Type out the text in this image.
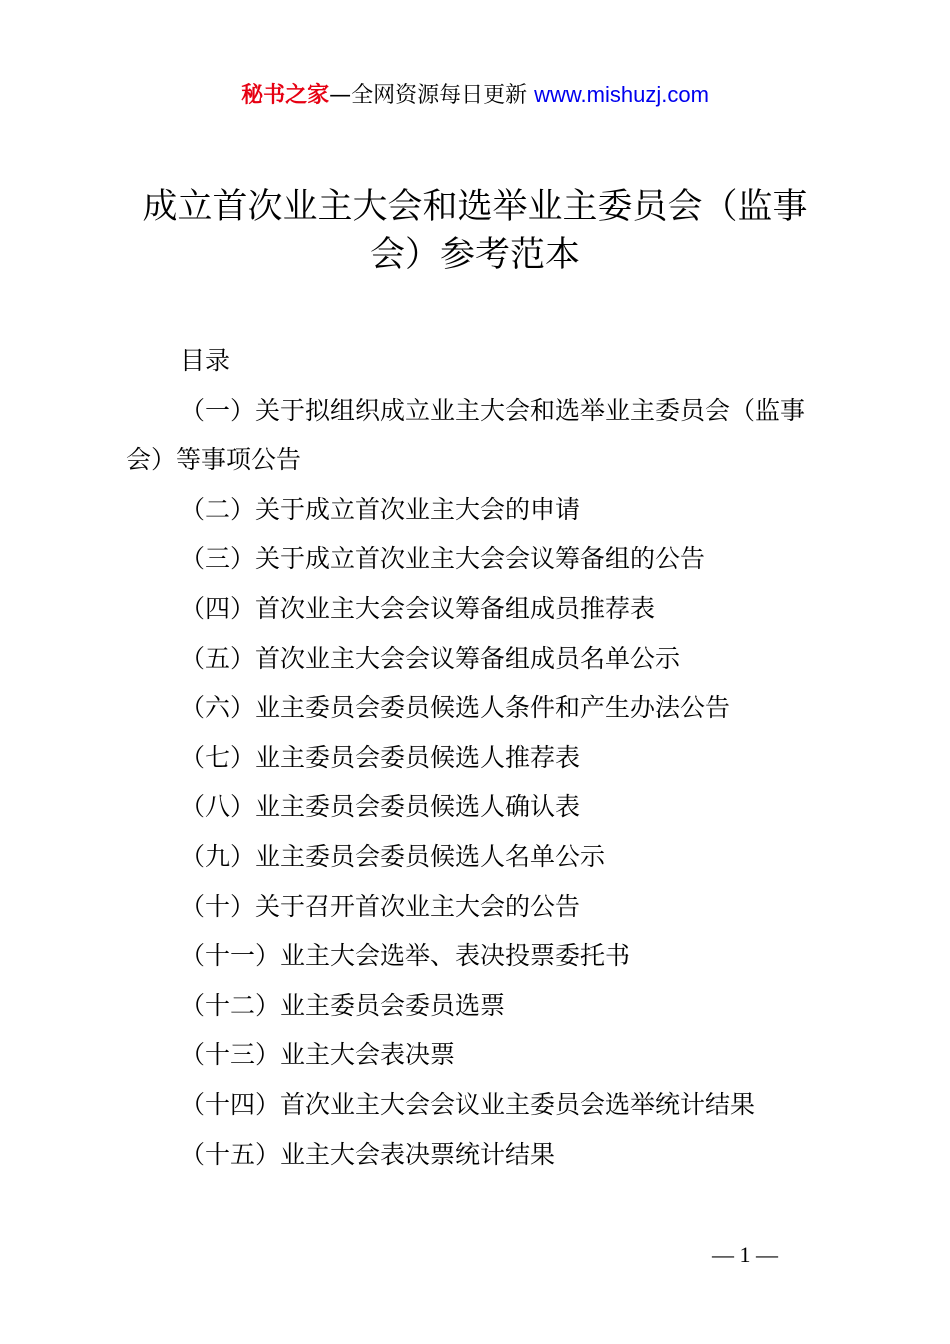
秘书之家—全网资源每日更新 www.mishuzj.com
成立首次业主大会和选举业主委员会（监事
会）参考范本
目录
（一）关于拟组织成立业主大会和选举业主委员会（监事
会）等事项公告
（二）关于成立首次业主大会的申请
（三）关于成立首次业主大会会议筹备组的公告
（四）首次业主大会会议筹备组成员推荐表
（五）首次业主大会会议筹备组成员名单公示
（六）业主委员会委员候选人条件和产生办法公告
（七）业主委员会委员候选人推荐表
（八）业主委员会委员候选人确认表
（九）业主委员会委员候选人名单公示
（十）关于召开首次业主大会的公告
（十一）业主大会选举、表决投票委托书
（十二）业主委员会委员选票
（十三）业主大会表决票
（十四）首次业主大会会议业主委员会选举统计结果
（十五）业主大会表决票统计结果
— 1 —
